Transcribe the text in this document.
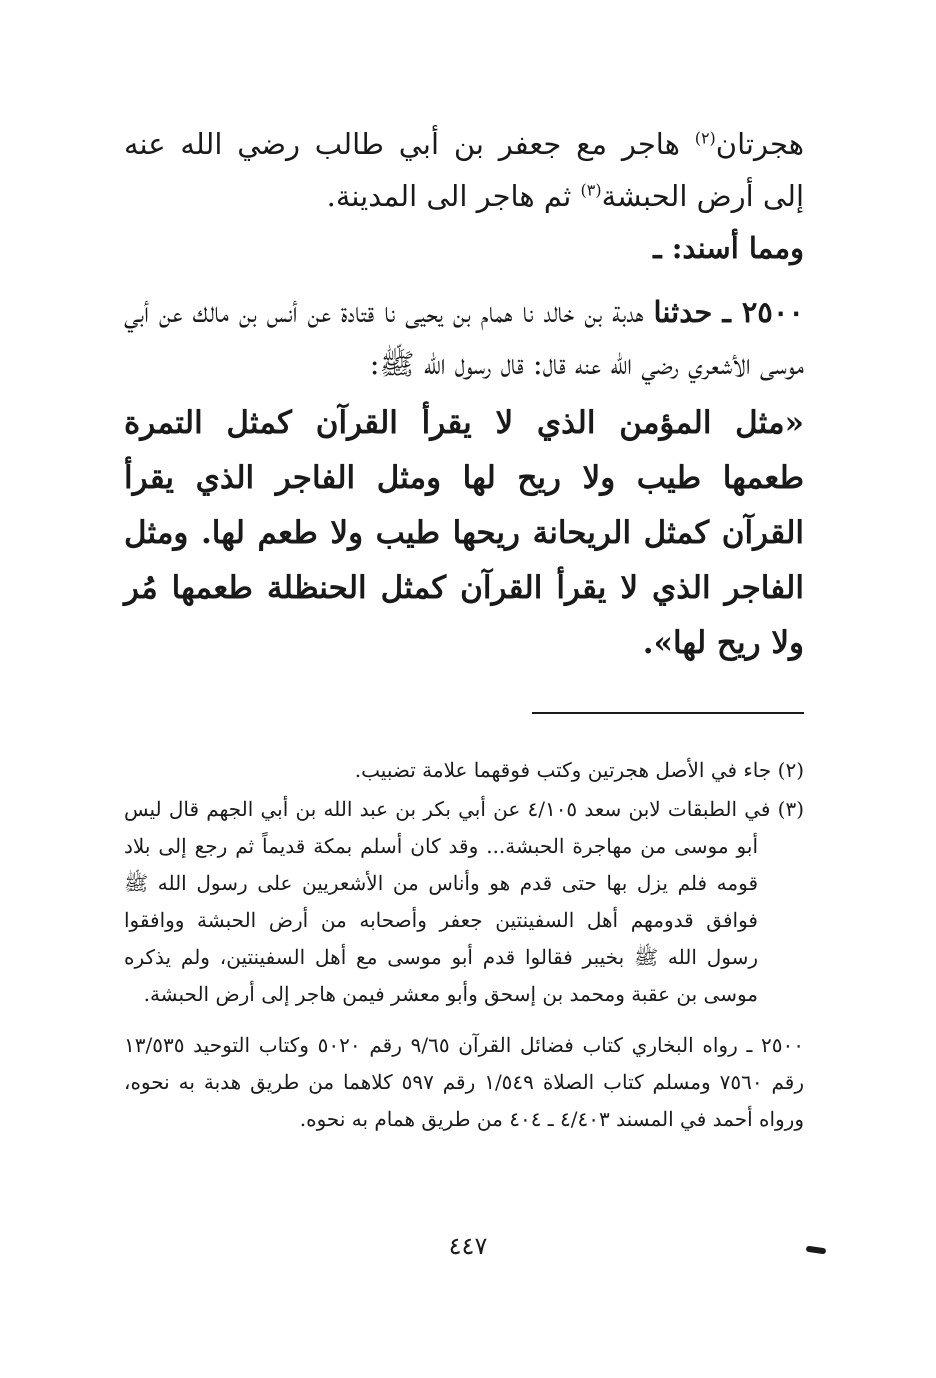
هجرتان$^{(٢)}$ هاجر مع جعفر بن أبي طالب رضي الله عنه إلى أرض الحبشة$^{(٣)}$ ثم هاجر الى المدينة.

ومما أسند: ـ

٢٥٠٠ ـ حدثنا هدبة بن خالد نا همام بن يحيى نا قتادة عن أنس بن مالك عن أبي موسى الأشعري رضي الله عنه قال: قال رسول الله ﷺ:

«مثل المؤمن الذي لا يقرأ القرآن كمثل التمرة طعمها طيب ولا ريح لها ومثل الفاجر الذي يقرأ القرآن كمثل الريحانة ريحها طيب ولا طعم لها. ومثل الفاجر الذي لا يقرأ القرآن كمثل الحنظلة طعمها مُر ولا ريح لها».

(٢) جاء في الأصل هجرتين وكتب فوقهما علامة تضبيب.

(٣) في الطبقات لابن سعد ٤/١٠٥ عن أبي بكر بن عبد الله بن أبي الجهم قال ليس أبو موسى من مهاجرة الحبشة... وقد كان أسلم بمكة قديماً ثم رجع إلى بلاد قومه فلم يزل بها حتى قدم هو وأناس من الأشعريين على رسول الله ﷺ فوافق قدومهم أهل السفينتين جعفر وأصحابه من أرض الحبشة ووافقوا رسول الله ﷺ بخيبر فقالوا قدم أبو موسى مع أهل السفينتين، ولم يذكره موسى بن عقبة ومحمد بن إسحق وأبو معشر فيمن هاجر إلى أرض الحبشة.

٢٥٠٠ ـ رواه البخاري كتاب فضائل القرآن ٩/٦٥ رقم ٥٠٢٠ وكتاب التوحيد ١٣/٥٣٥ رقم ٧٥٦٠ ومسلم كتاب الصلاة ١/٥٤٩ رقم ٥٩٧ كلاهما من طريق هدبة به نحوه، ورواه أحمد في المسند ٤/٤٠٣ ـ ٤٠٤ من طريق همام به نحوه.

٤٤٧
